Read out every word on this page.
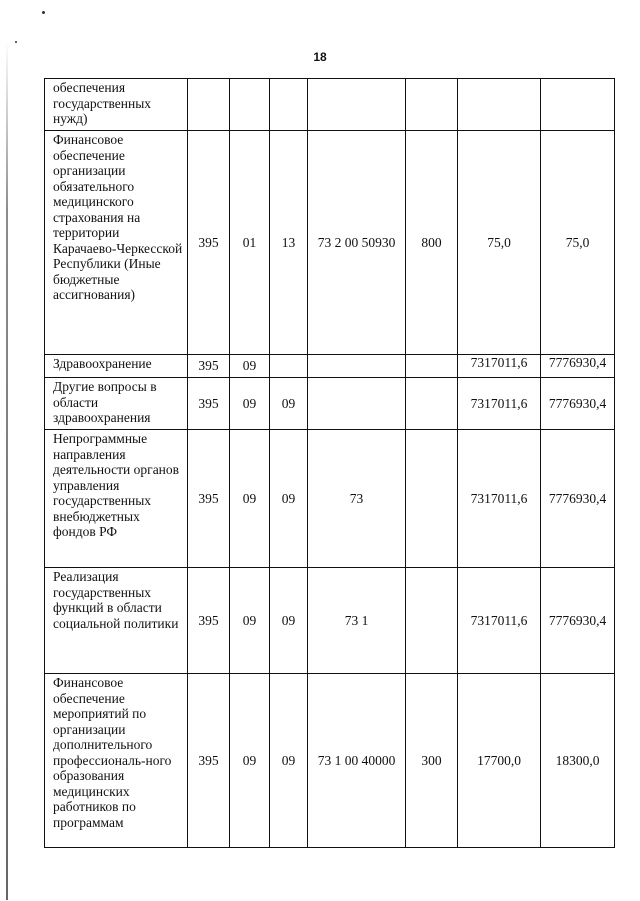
18
обеспечения государственных нужд)							
Финансовое обеспечение организации обязательного медицинского страхования на территории Карачаево-Черкесской Республики (Иные бюджетные ассигнования)	395	01	13	73 2 00 50930	800	75,0	75,0
Здравоохранение	395	09				7317011,6	7776930,4
Другие вопросы в области здравоохранения	395	09	09			7317011,6	7776930,4
Непрограммные направления деятельности органов управления государственных внебюджетных фондов РФ	395	09	09	73		7317011,6	7776930,4
Реализация государственных функций в области социальной политики	395	09	09	73 1		7317011,6	7776930,4
Финансовое обеспечение мероприятий по организации дополнительного профессиональ-ного образования медицинских работников по программам	395	09	09	73 1 00 40000	300	17700,0	18300,0
